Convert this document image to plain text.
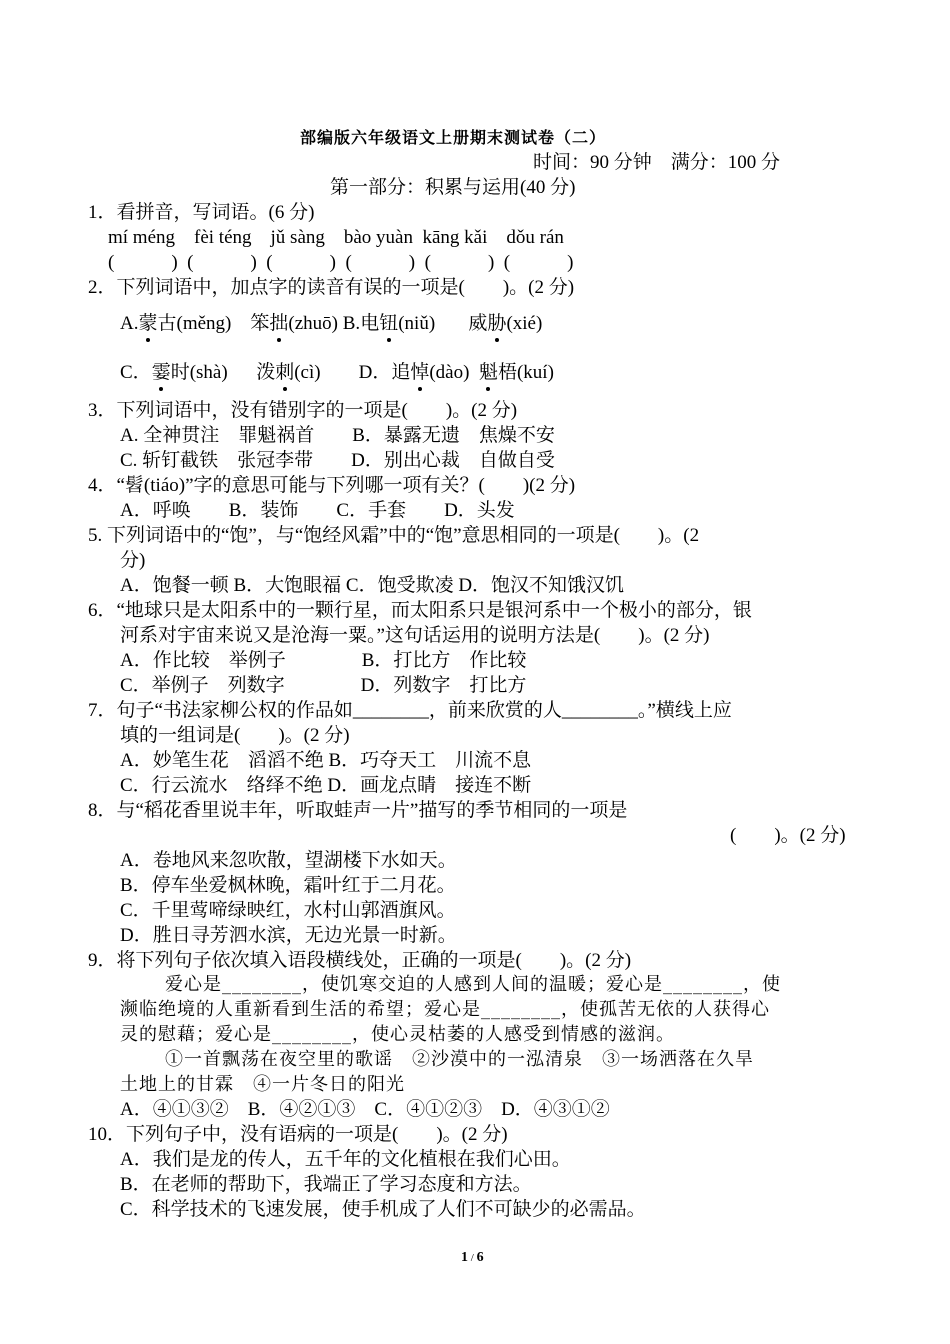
部编版六年级语文上册期末测试卷（二）
时间：90 分钟　满分：100 分
第一部分：积累与运用(40 分)
1．看拼音，写词语。(6 分)
mí méng　fèi téng　jǔ sàng　bào yuàn  kāng kǎi　dǒu rán
(　　　)  (　　　)  (　　　)  (　　　)  (　　　)  (　　　)
2．下列词语中，加点字的读音有误的一项是(　　)。(2 分)
A.蒙古(měng) 笨拙(zhuō) B.电钮(niǔ) 威胁(xié)
C．霎时(shà) 泼刺(cì) D．追悼(dào) 魁梧(kuí)
3．下列词语中，没有错别字的一项是(　　)。(2 分)
A. 全神贯注　罪魁祸首　　B．暴露无遗　焦燥不安
C. 斩钉截铁　张冠李带　　D．别出心裁　自做自受
4．“髫(tiáo)”字的意思可能与下列哪一项有关？(　　)(2 分)
A．呼唤　　B．装饰　　C．手套　　D．头发
5. 下列词语中的“饱”，与“饱经风霜”中的“饱”意思相同的一项是(　　)。(2
分)
A．饱餐一顿 B．大饱眼福 C．饱受欺凌 D．饱汉不知饿汉饥
6．“地球只是太阳系中的一颗行星，而太阳系只是银河系中一个极小的部分，银
河系对宇宙来说又是沧海一粟。”这句话运用的说明方法是(　　)。(2 分)
A．作比较　举例子　　　　B．打比方　作比较
C．举例子　列数字　　　　D．列数字　打比方
7．句子“书法家柳公权的作品如________，前来欣赏的人________。”横线上应
填的一组词是(　　)。(2 分)
A．妙笔生花　滔滔不绝 B．巧夺天工　川流不息
C．行云流水　络绎不绝 D．画龙点睛　接连不断
8．与“稻花香里说丰年，听取蛙声一片”描写的季节相同的一项是
(　　)。(2 分)
A．卷地风来忽吹散，望湖楼下水如天。
B．停车坐爱枫林晚，霜叶红于二月花。
C．千里莺啼绿映红，水村山郭酒旗风。
D．胜日寻芳泗水滨，无边光景一时新。
9．将下列句子依次填入语段横线处，正确的一项是(　　)。(2 分)
爱心是________，使饥寒交迫的人感到人间的温暖；爱心是________，使
濒临绝境的人重新看到生活的希望；爱心是________，使孤苦无依的人获得心
灵的慰藉；爱心是________，使心灵枯萎的人感受到情感的滋润。
①一首飘荡在夜空里的歌谣　②沙漠中的一泓清泉　③一场洒落在久旱
土地上的甘霖　④一片冬日的阳光
A．④①③②　B．④②①③　C．④①②③　D．④③①②
10．下列句子中，没有语病的一项是(　　)。(2 分)
A．我们是龙的传人，五千年的文化植根在我们心田。
B．在老师的帮助下，我端正了学习态度和方法。
C．科学技术的飞速发展，使手机成了人们不可缺少的必需品。
1 / 6
